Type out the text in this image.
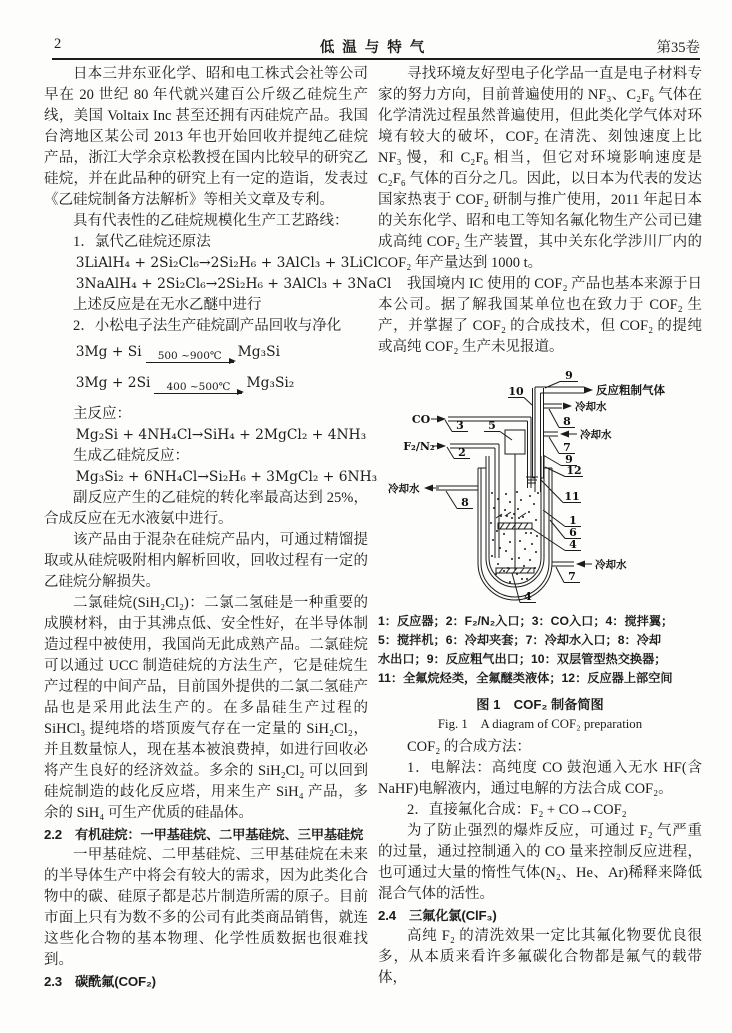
2	低温与特气	第35卷

日本三井东亚化学、昭和电工株式会社等公司早在 20 世纪 80 年代就兴建百公斤级乙硅烷生产线，美国 Voltaix Inc 甚至还拥有丙硅烷产品。我国台湾地区某公司 2013 年也开始回收并提纯乙硅烷产品，浙江大学余京松教授在国内比较早的研究乙硅烷，并在此品种的研究上有一定的造诣，发表过《乙硅烷制备方法解析》等相关文章及专利。

具有代表性的乙硅烷规模化生产工艺路线：

1．氯代乙硅烷还原法

3LiAlH₄ + 2Si₂Cl₆→2Si₂H₆ + 3AlCl₃ + 3LiCl
3NaAlH₄ + 2Si₂Cl₆→2Si₂H₆ + 3AlCl₃ + 3NaCl

上述反应是在无水乙醚中进行

2．小松电子法生产硅烷副产品回收与净化

3Mg + Si	500 ~900℃	Mg₃Si
3Mg + 2Si	400 ~500℃	Mg₃Si₂

主反应：

Mg₂Si + 4NH₄Cl→SiH₄ + 2MgCl₂ + 4NH₃

生成乙硅烷反应：

Mg₃Si₂ + 6NH₄Cl→Si₂H₆ + 3MgCl₂ + 6NH₃

副反应产生的乙硅烷的转化率最高达到 25%，合成反应在无水液氨中进行。

该产品由于混杂在硅烷产品内，可通过精馏提取或从硅烷吸附相内解析回收，回收过程有一定的乙硅烷分解损失。

二氯硅烷(SiH₂Cl₂)：二氯二氢硅是一种重要的成膜材料，由于其沸点低、安全性好，在半导体制造过程中被使用，我国尚无此成熟产品。二氯硅烷可以通过 UCC 制造硅烷的方法生产，它是硅烷生产过程的中间产品，目前国外提供的二氯二氢硅产品也是采用此法生产的。在多晶硅生产过程的 SiHCl₃ 提纯塔的塔顶废气存在一定量的 SiH₂Cl₂，并且数量惊人，现在基本被浪费掉，如进行回收必将产生良好的经济效益。多余的 SiH₂Cl₂ 可以回到硅烷制造的歧化反应塔，用来生产 SiH₄ 产品，多余的 SiH₄ 可生产优质的硅晶体。

2.2　有机硅烷：一甲基硅烷、二甲基硅烷、三甲基硅烷

一甲基硅烷、二甲基硅烷、三甲基硅烷在未来的半导体生产中将会有较大的需求，因为此类化合物中的碳、硅原子都是芯片制造所需的原子。目前市面上只有为数不多的公司有此类商品销售，就连这些化合物的基本物理、化学性质数据也很难找到。

2.3　碳酰氟(COF₂)

寻找环境友好型电子化学品一直是电子材料专家的努力方向，目前普遍使用的 NF₃、C₂F₆ 气体在化学清洗过程虽然普遍使用，但此类化学气体对环境有较大的破坏，COF₂ 在清洗、刻蚀速度上比 NF₃ 慢，和 C₂F₆ 相当，但它对环境影响速度是 C₂F₆ 气体的百分之几。因此，以日本为代表的发达国家热衷于 COF₂ 研制与推广使用，2011 年起日本的关东化学、昭和电工等知名氟化物生产公司已建成高纯 COF₂ 生产装置，其中关东化学涉川厂内的 COF₂ 年产量达到 1000 t。

我国境内 IC 使用的 COF₂ 产品也基本来源于日本公司。据了解我国某单位也在致力于 COF₂ 生产，并掌握了 COF₂ 的合成技术，但 COF₂ 的提纯或高纯 COF₂ 生产未见报道。

CO
F₂/N₂
反应粗制气体
冷却水
冷却水
冷却水
冷却水
9
10
8
7
9
12
3 5
2
8	11
1
6
4
7
4
1：反应器；2：F₂/N₂入口；3：CO入口；4：搅拌翼；
5：搅拌机；6：冷却夹套；7：冷却水入口；8：冷却
水出口；9：反应粗气出口；10：双层管型热交换器；
11：全氟烷烃类，全氟醚类液体；12：反应器上部空间
图 1　COF₂ 制备简图
Fig. 1　A diagram of COF₂ preparation

COF₂ 的合成方法：

1．电解法：高纯度 CO 鼓泡通入无水 HF(含 NaHF)电解液内，通过电解的方法合成 COF₂。

2．直接氟化合成：F₂ + CO→COF₂

为了防止强烈的爆炸反应，可通过 F₂ 气严重的过量，通过控制通入的 CO 量来控制反应进程，也可通过大量的惰性气体(N₂、He、Ar)稀释来降低混合气体的活性。

2.4　三氟化氯(ClF₃)

高纯 F₂ 的清洗效果一定比其氟化物要优良很多，从本质来看许多氟碳化合物都是氟气的载带体，
